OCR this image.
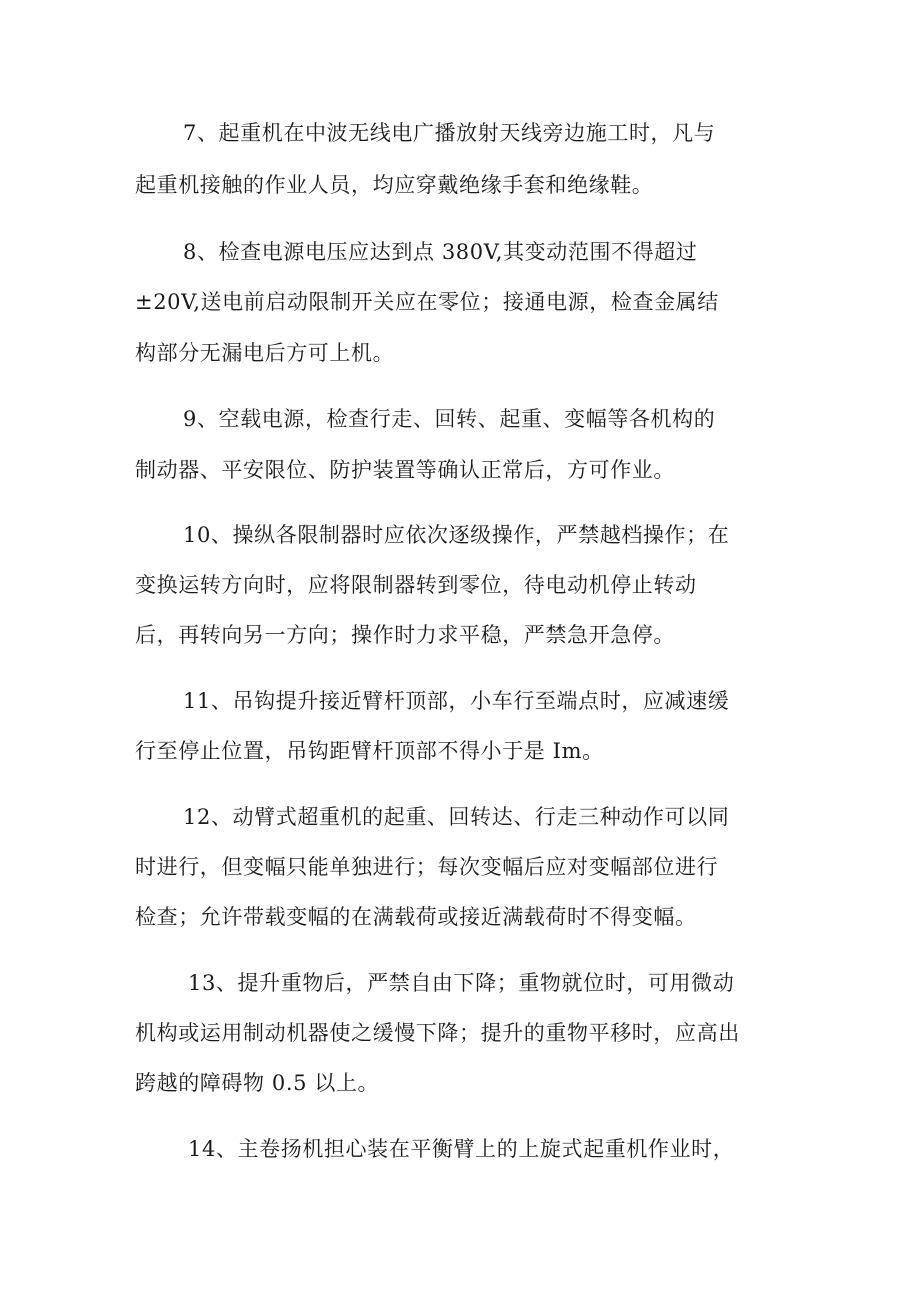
7、起重机在中波无线电广播放射天线旁边施工时，凡与
起重机接触的作业人员，均应穿戴绝缘手套和绝缘鞋。
8、检查电源电压应达到点 380V,其变动范围不得超过
±20V,送电前启动限制开关应在零位；接通电源，检查金属结
构部分无漏电后方可上机。
9、空载电源，检查行走、回转、起重、变幅等各机构的
制动器、平安限位、防护装置等确认正常后，方可作业。
10、操纵各限制器时应依次逐级操作，严禁越档操作；在
变换运转方向时，应将限制器转到零位，待电动机停止转动
后，再转向另一方向；操作时力求平稳，严禁急开急停。
11、吊钩提升接近臂杆顶部，小车行至端点时，应减速缓
行至停止位置，吊钩距臂杆顶部不得小于是 Im。
12、动臂式超重机的起重、回转达、行走三种动作可以同
时进行，但变幅只能单独进行；每次变幅后应对变幅部位进行
检查；允许带载变幅的在满载荷或接近满载荷时不得变幅。
13、提升重物后，严禁自由下降；重物就位时，可用微动
机构或运用制动机器使之缓慢下降；提升的重物平移时，应高出
跨越的障碍物 0.5 以上。
14、主卷扬机担心装在平衡臂上的上旋式起重机作业时，
